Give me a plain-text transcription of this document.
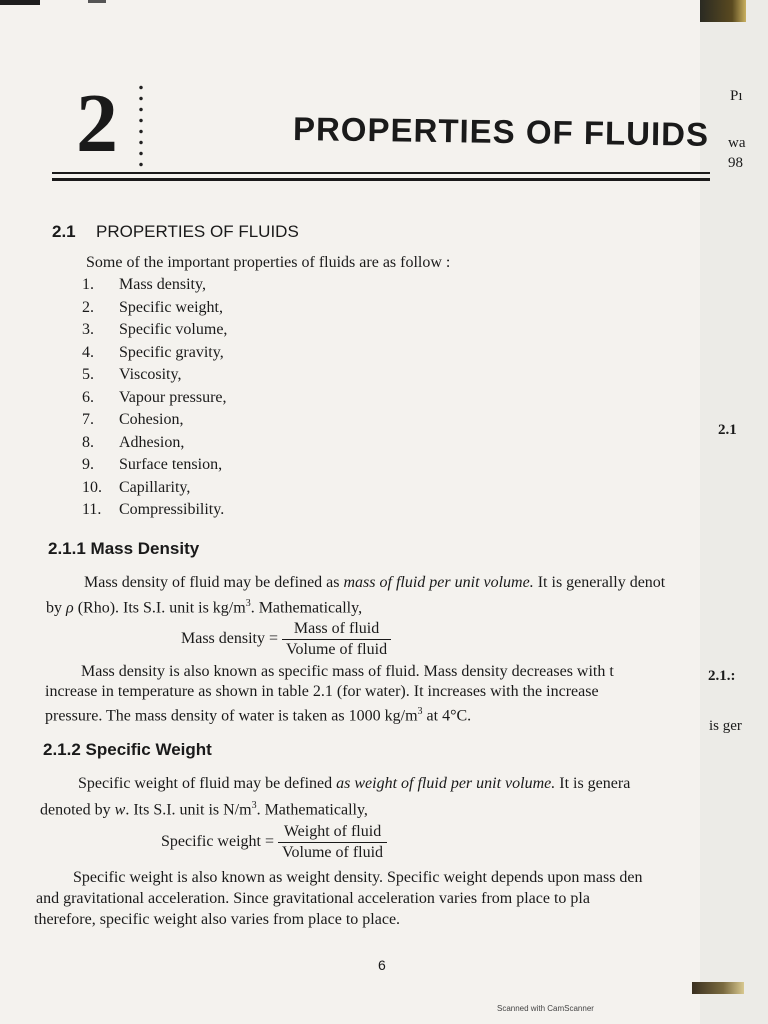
2	PROPERTIES OF FLUIDS
Pı
wa
98
2.1
2.1.:
is ger
2.1 PROPERTIES OF FLUIDS
Some of the important properties of fluids are as follow :
1. Mass density,
2. Specific weight,
3. Specific volume,
4. Specific gravity,
5. Viscosity,
6. Vapour pressure,
7. Cohesion,
8. Adhesion,
9. Surface tension,
10. Capillarity,
11. Compressibility.
2.1.1 Mass Density
Mass density of fluid may be defined as mass of fluid per unit volume. It is generally denot
by ρ (Rho). Its S.I. unit is $kg/m^3$. Mathematically,
Mass density = $\frac{\text{Mass of fluid}}{\text{Volume of fluid}}$
Mass density is also known as specific mass of fluid. Mass density decreases with t
increase in temperature as shown in table 2.1 (for water). It increases with the increase
pressure. The mass density of water is taken as 1000 $kg/m^3$ at 4°C.
2.1.2 Specific Weight
Specific weight of fluid may be defined as weight of fluid per unit volume. It is genera
denoted by w. Its S.I. unit is $N/m^3$. Mathematically,
Specific weight = $\frac{\text{Weight of fluid}}{\text{Volume of fluid}}$
Specific weight is also known as weight density. Specific weight depends upon mass den
and gravitational acceleration. Since gravitational acceleration varies from place to pla
therefore, specific weight also varies from place to place.
6
Scanned with CamScanner
